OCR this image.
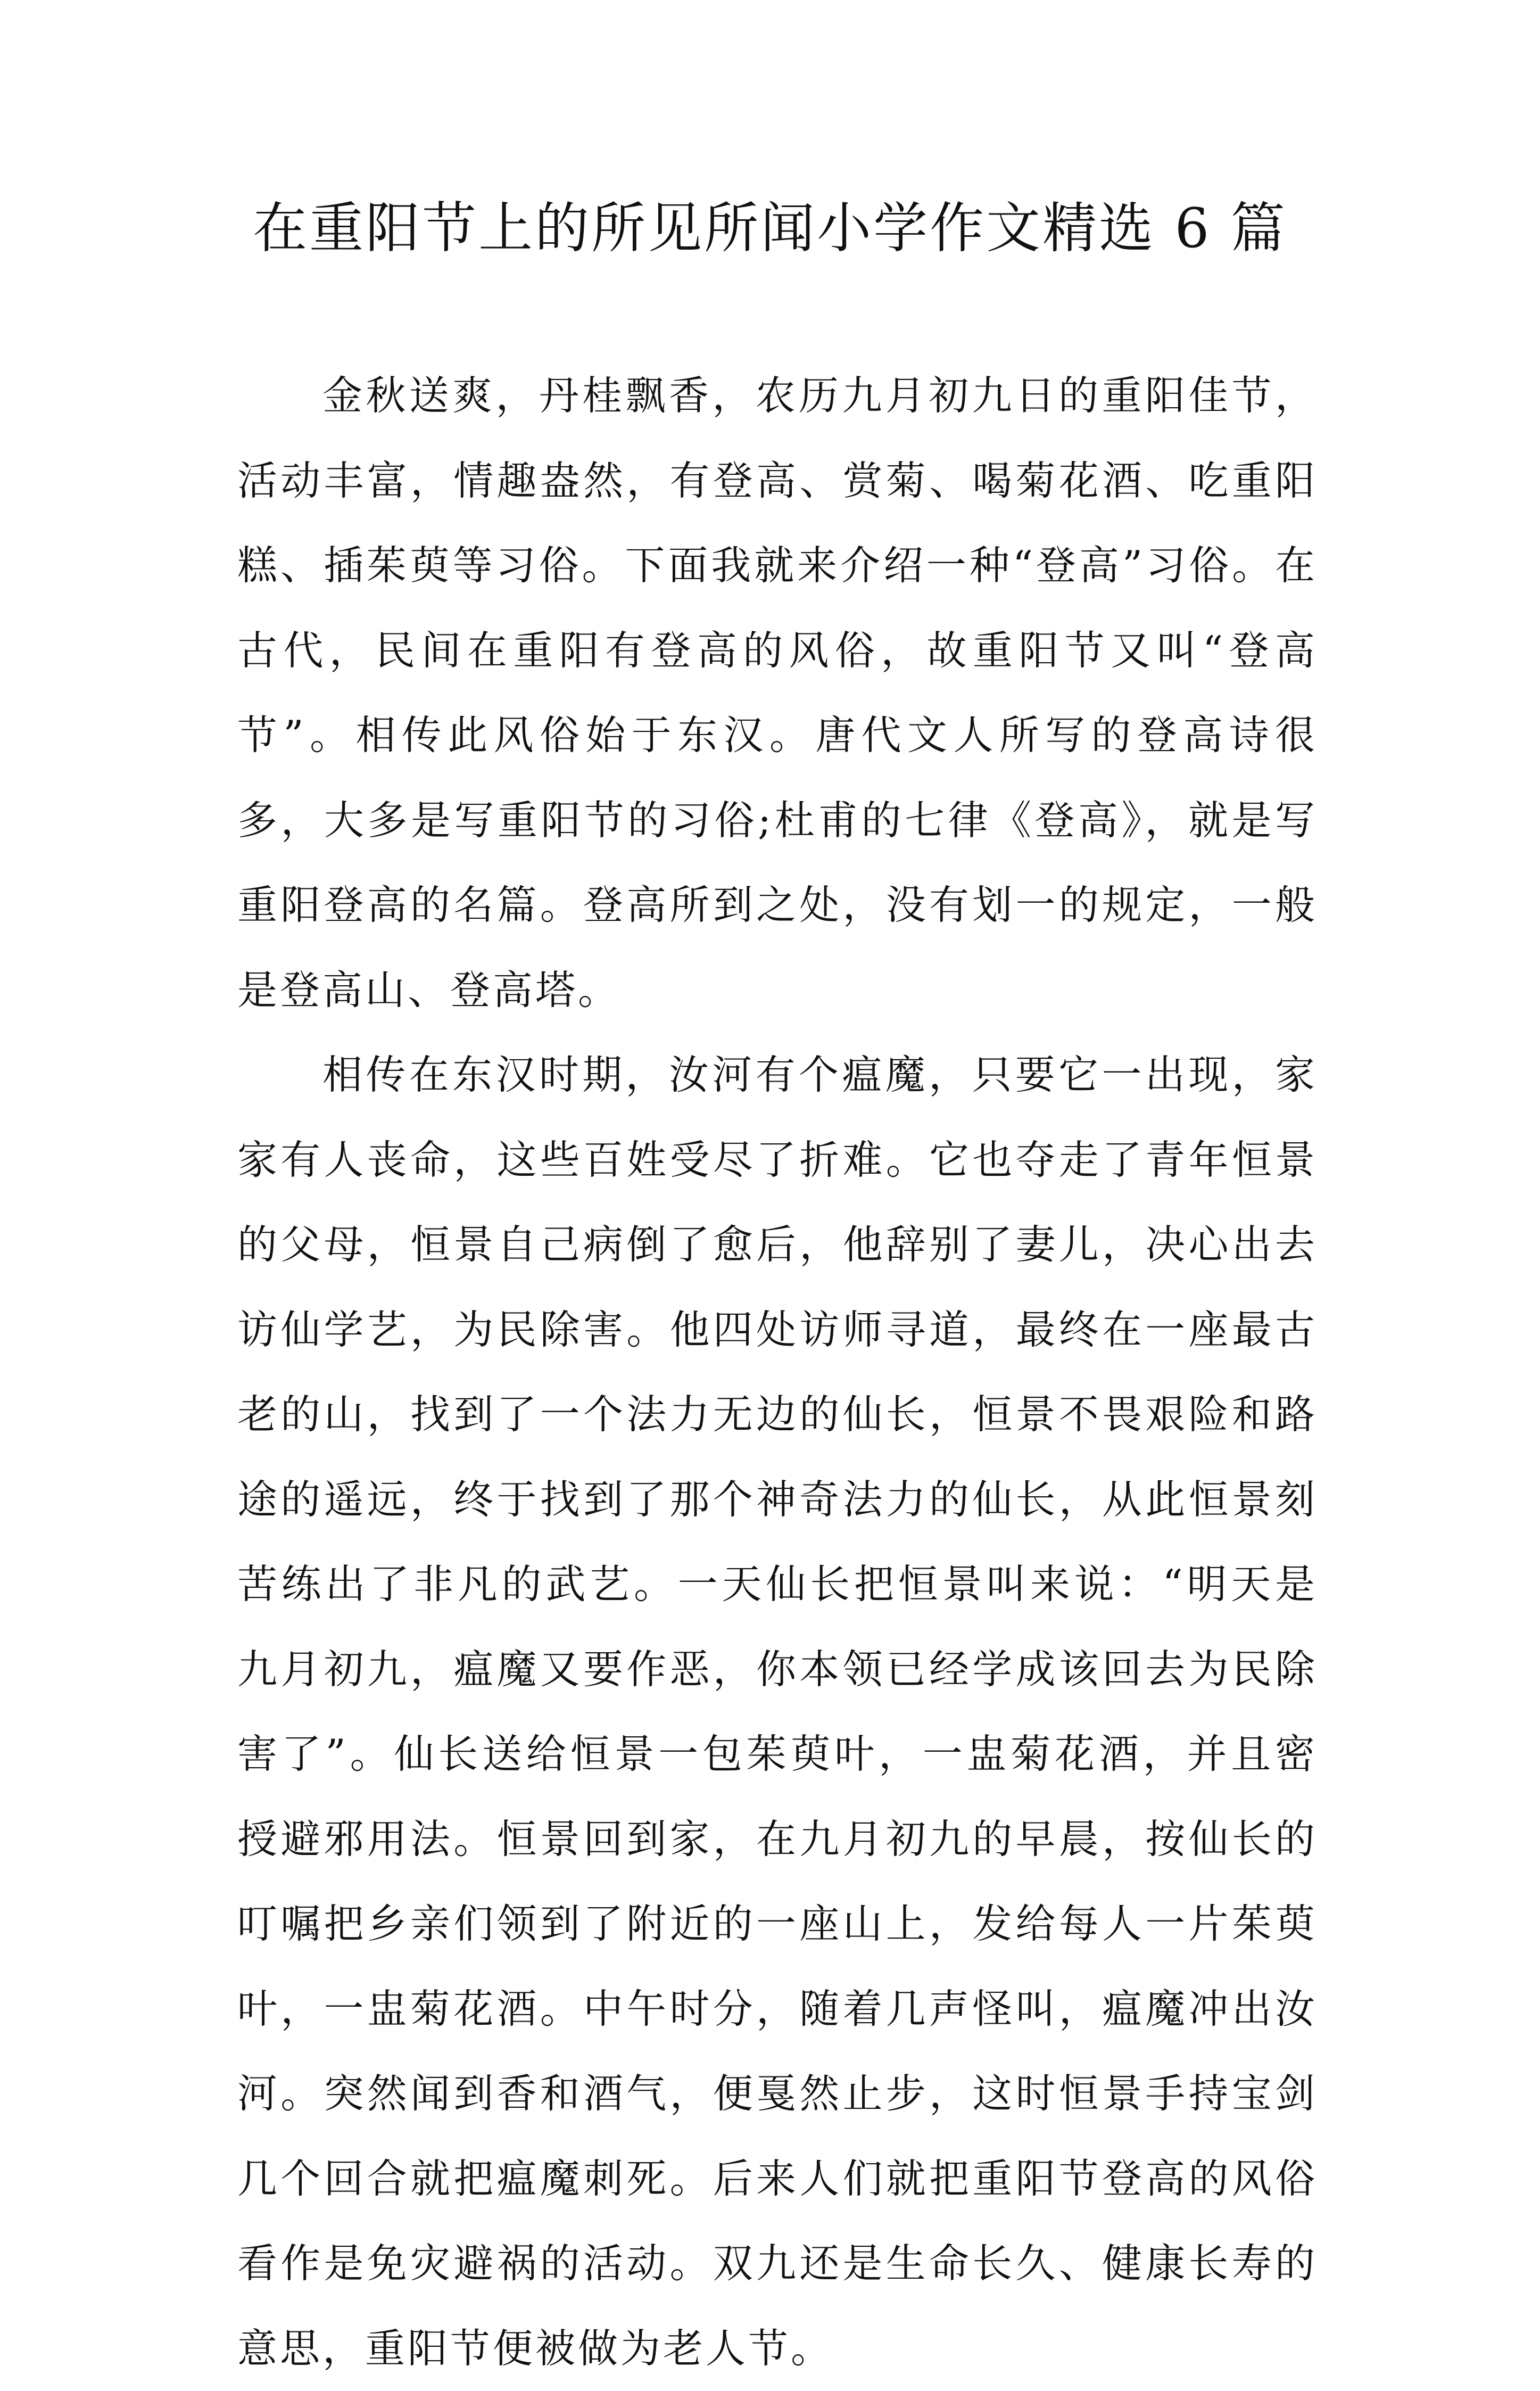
在重阳节上的所见所闻小学作文精选 6 篇

金秋送爽，丹桂飘香，农历九月初九日的重阳佳节，活动丰富，情趣盎然，有登高、赏菊、喝菊花酒、吃重阳糕、插茱萸等习俗。下面我就来介绍一种“登高”习俗。在古代，民间在重阳有登高的风俗，故重阳节又叫“登高节”。相传此风俗始于东汉。唐代文人所写的登高诗很多，大多是写重阳节的习俗;杜甫的七律《登高》，就是写重阳登高的名篇。登高所到之处，没有划一的规定，一般是登高山、登高塔。

相传在东汉时期，汝河有个瘟魔，只要它一出现，家家有人丧命，这些百姓受尽了折难。它也夺走了青年恒景的父母，恒景自己病倒了愈后，他辞别了妻儿，决心出去访仙学艺，为民除害。他四处访师寻道，最终在一座最古老的山，找到了一个法力无边的仙长，恒景不畏艰险和路途的遥远，终于找到了那个神奇法力的仙长，从此恒景刻苦练出了非凡的武艺。一天仙长把恒景叫来说：“明天是九月初九，瘟魔又要作恶，你本领已经学成该回去为民除害了”。仙长送给恒景一包茱萸叶，一盅菊花酒，并且密授避邪用法。恒景回到家，在九月初九的早晨，按仙长的叮嘱把乡亲们领到了附近的一座山上，发给每人一片茱萸叶，一盅菊花酒。中午时分，随着几声怪叫，瘟魔冲出汝河。突然闻到香和酒气，便戛然止步，这时恒景手持宝剑几个回合就把瘟魔刺死。后来人们就把重阳节登高的风俗看作是免灾避祸的活动。双九还是生命长久、健康长寿的意思，重阳节便被做为老人节。
